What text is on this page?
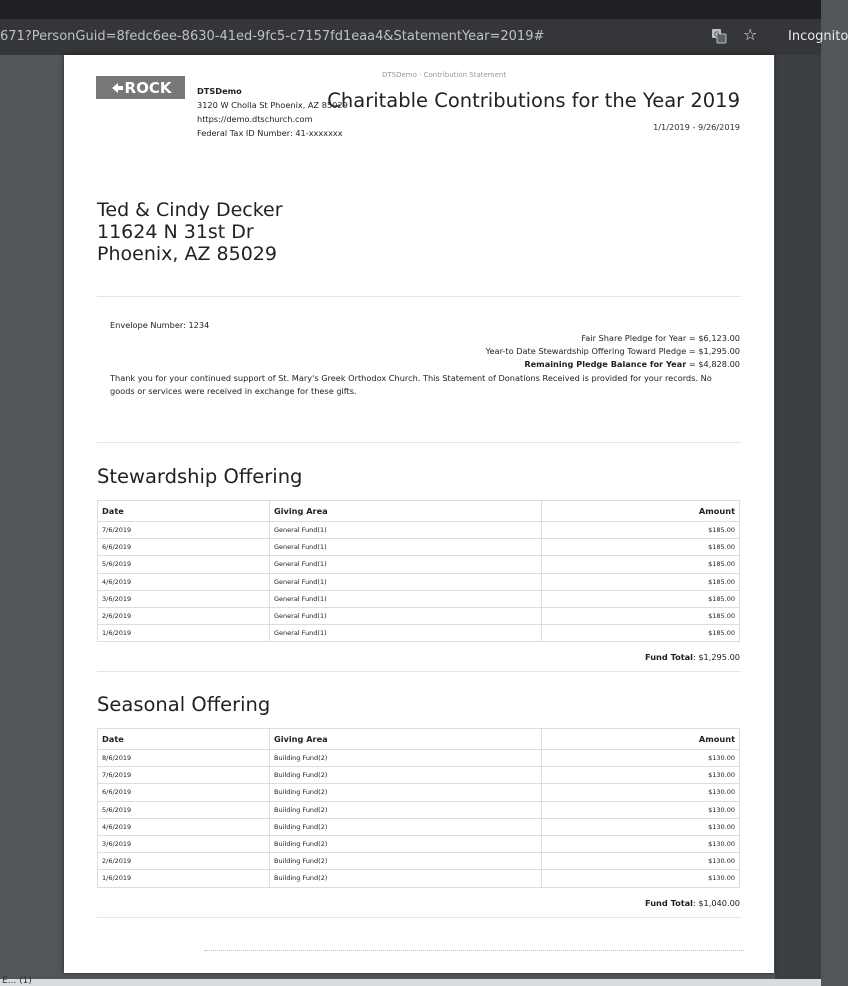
671?PersonGuid=8fedc6ee-8630-41ed-9fc5-c7157fd1eaa4&StatementYear=2019#	G ☆ Incognito
DTSDemo · Contribution Statement
ROCK	DTSDemo
3120 W Cholla St Phoenix, AZ 85029
https://demo.dtschurch.com
Federal Tax ID Number: 41-xxxxxxx
Charitable Contributions for the Year 2019
1/1/2019 - 9/26/2019
Ted & Cindy Decker
11624 N 31st Dr
Phoenix, AZ 85029
Envelope Number: 1234
Fair Share Pledge for Year = $6,123.00
Year-to Date Stewardship Offering Toward Pledge = $1,295.00
Remaining Pledge Balance for Year = $4,828.00
Thank you for your continued support of St. Mary's Greek Orthodox Church. This Statement of Donations Received is provided for your records. No goods or services were received in exchange for these gifts.
Stewardship Offering
Date	Giving Area	Amount
7/6/2019	General Fund(1)	$185.00
6/6/2019	General Fund(1)	$185.00
5/6/2019	General Fund(1)	$185.00
4/6/2019	General Fund(1)	$185.00
3/6/2019	General Fund(1)	$185.00
2/6/2019	General Fund(1)	$185.00
1/6/2019	General Fund(1)	$185.00
Fund Total: $1,295.00
Seasonal Offering
Date	Giving Area	Amount
8/6/2019	Building Fund(2)	$130.00
7/6/2019	Building Fund(2)	$130.00
6/6/2019	Building Fund(2)	$130.00
5/6/2019	Building Fund(2)	$130.00
4/6/2019	Building Fund(2)	$130.00
3/6/2019	Building Fund(2)	$130.00
2/6/2019	Building Fund(2)	$130.00
1/6/2019	Building Fund(2)	$130.00
Fund Total: $1,040.00
E... (1)
